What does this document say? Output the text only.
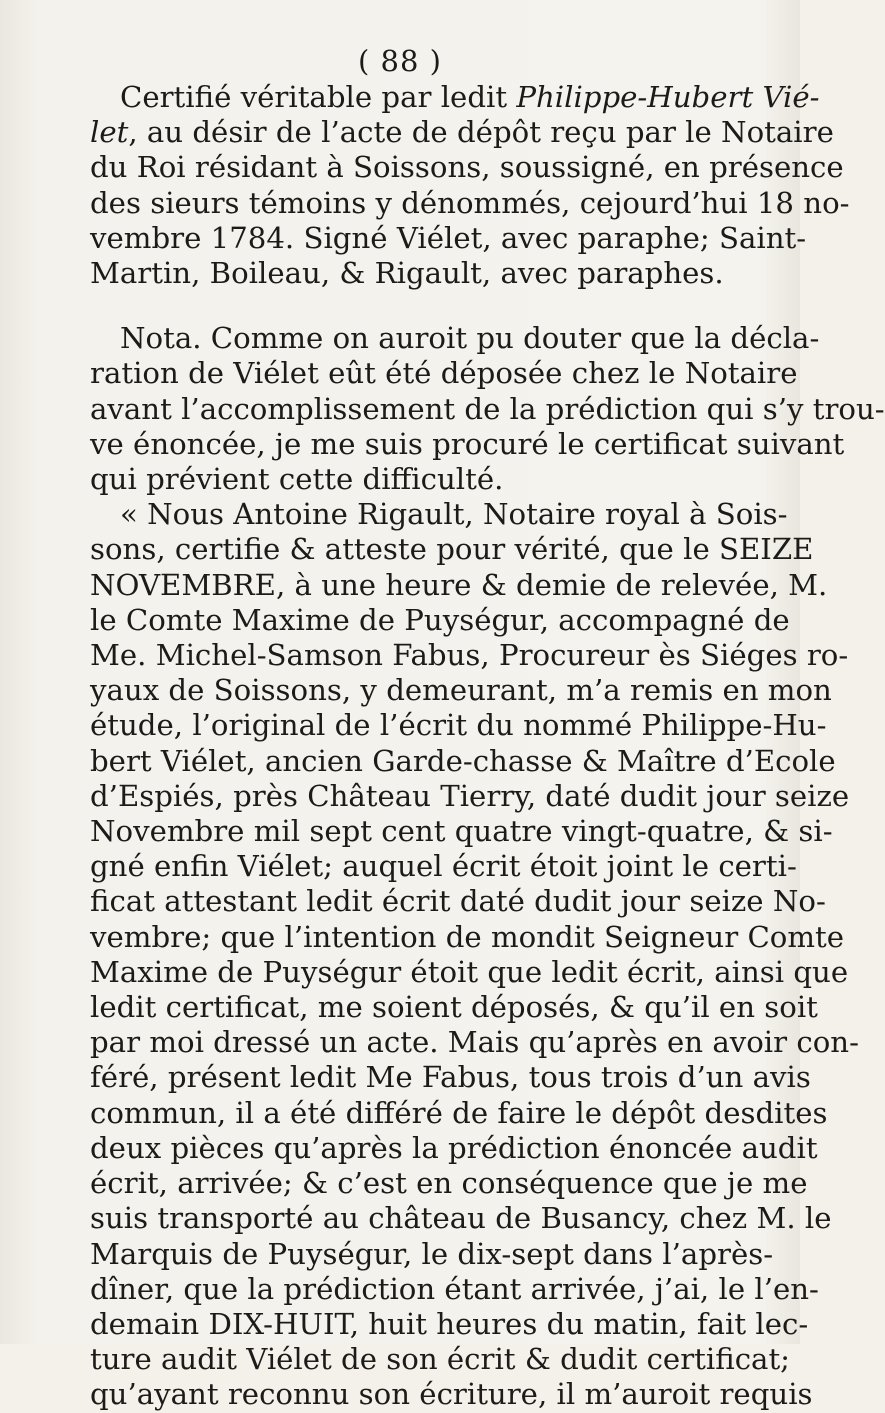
( 88 )
Certifié véritable par ledit Philippe-Hubert Vié-
let, au désir de l’acte de dépôt reçu par le Notaire
du Roi résidant à Soissons, soussigné, en présence
des sieurs témoins y dénommés, cejourd’hui 18 no-
vembre 1784. Signé Viélet, avec paraphe; Saint-
Martin, Boileau, & Rigault, avec paraphes.
Nota. Comme on auroit pu douter que la décla-
ration de Viélet eût été déposée chez le Notaire
avant l’accomplissement de la prédiction qui s’y trou-
ve énoncée, je me suis procuré le certificat suivant
qui prévient cette difficulté.
« Nous Antoine Rigault, Notaire royal à Sois-
sons, certifie & atteste pour vérité, que le SEIZE
NOVEMBRE, à une heure & demie de relevée, M.
le Comte Maxime de Puységur, accompagné de
Me. Michel-Samson Fabus, Procureur ès Siéges ro-
yaux de Soissons, y demeurant, m’a remis en mon
étude, l’original de l’écrit du nommé Philippe-Hu-
bert Viélet, ancien Garde-chasse & Maître d’Ecole
d’Espiés, près Château Tierry, daté dudit jour seize
Novembre mil sept cent quatre vingt-quatre, & si-
gné enfin Viélet; auquel écrit étoit joint le certi-
ficat attestant ledit écrit daté dudit jour seize No-
vembre; que l’intention de mondit Seigneur Comte
Maxime de Puységur étoit que ledit écrit, ainsi que
ledit certificat, me soient déposés, & qu’il en soit
par moi dressé un acte. Mais qu’après en avoir con-
féré, présent ledit Me Fabus, tous trois d’un avis
commun, il a été différé de faire le dépôt desdites
deux pièces qu’après la prédiction énoncée audit
écrit, arrivée; & c’est en conséquence que je me
suis transporté au château de Busancy, chez M. le
Marquis de Puységur, le dix-sept dans l’après-
dîner, que la prédiction étant arrivée, j’ai, le l’en-
demain DIX-HUIT, huit heures du matin, fait lec-
ture audit Viélet de son écrit & dudit certificat;
qu’ayant reconnu son écriture, il m’auroit requis
